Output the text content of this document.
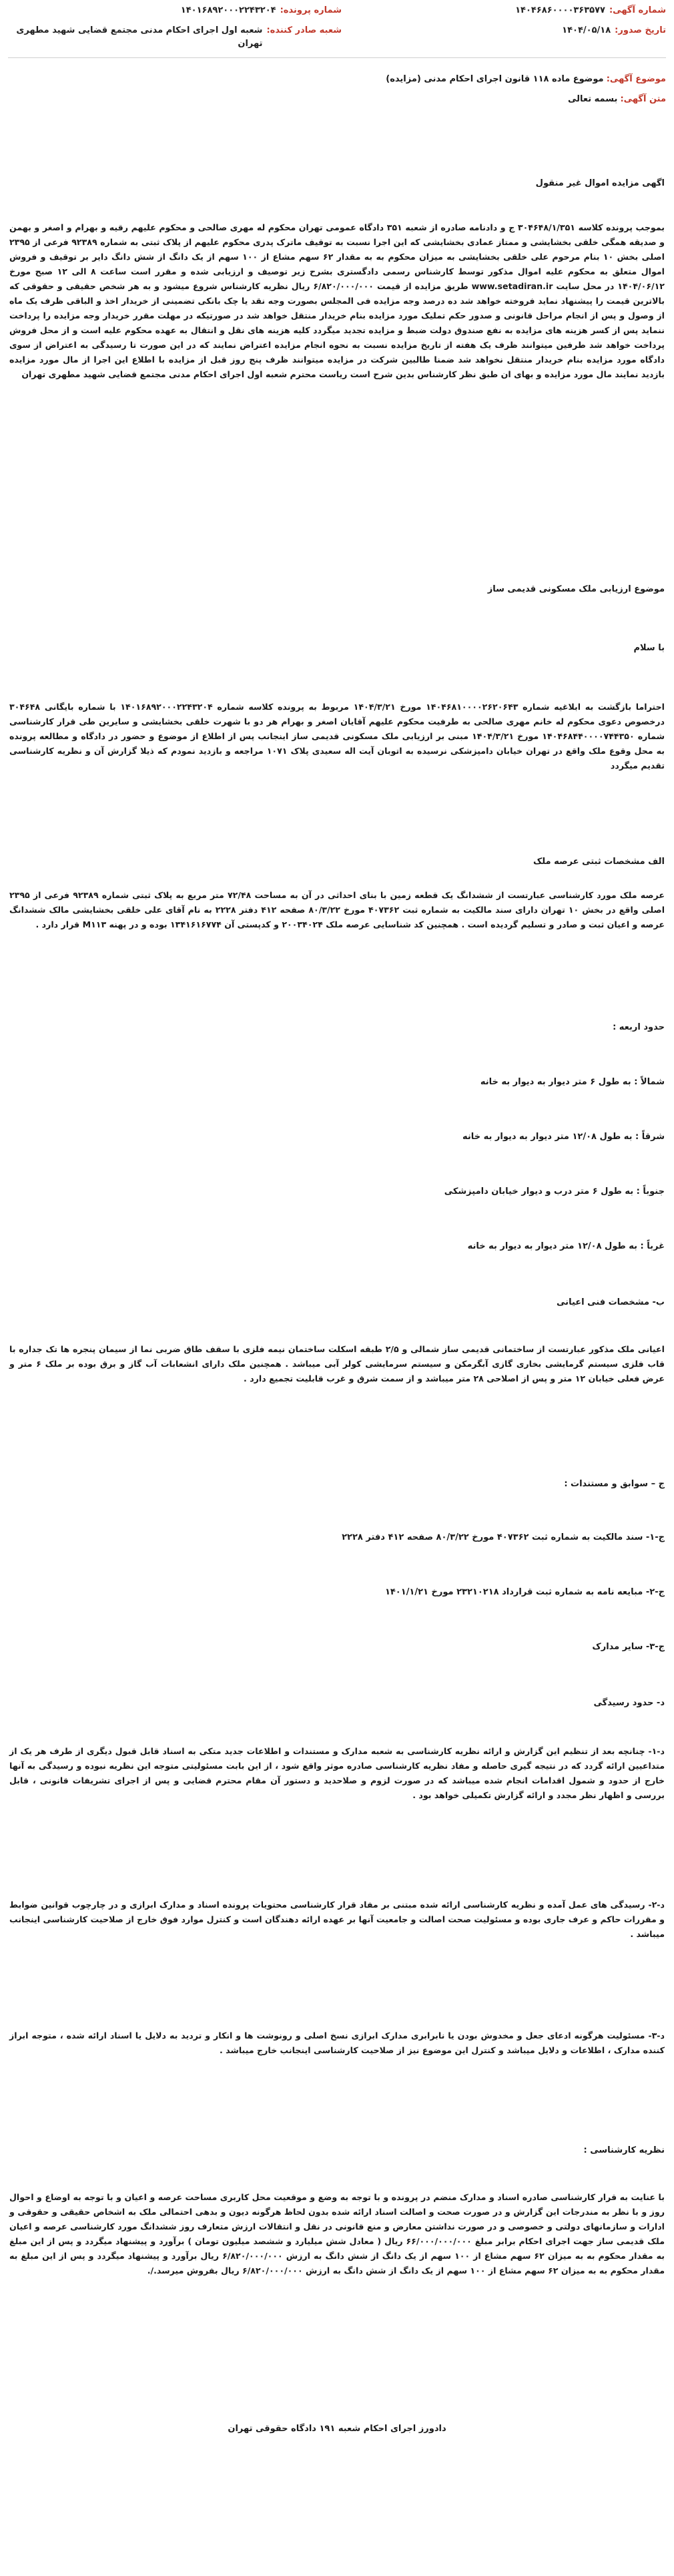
شماره آگهی:
۱۴۰۴۶۸۶۰۰۰۰۳۶۳۵۷۷
شماره پرونده:
۱۴۰۱۶۸۹۲۰۰۰۲۲۴۳۲۰۴
تاریخ صدور:
۱۴۰۴/۰۵/۱۸
شعبه صادر کننده:
شعبه اول اجرای احکام مدنی مجتمع قضایی شهید مطهری تهران
موضوع آگهی: موضوع ماده ۱۱۸ قانون اجرای احکام مدنی (مزایده)
متن آگهی: بسمه تعالی
اگهی مزایده اموال غیر منقول
بموجب پرونده کلاسه ۳۰۴۶۴۸/۱/۳۵۱ ج و دادنامه صادره از شعبه ۳۵۱ دادگاه عمومی تهران محکوم له مهری صالحی و محکوم علیهم رقیه و بهرام و اصغر و بهمن و صدیقه همگی خلقی بخشایشی و ممتاز عمادی بخشایشی که این اجرا نسبت به توقیف ماترک پدری محکوم علیهم از پلاک ثبتی به شماره ۹۲۳۸۹ فرعی از ۲۳۹۵ اصلی بخش ۱۰ بنام مرحوم علی خلقی بخشایشی به میزان محکوم به به مقدار ۶۲ سهم مشاع از ۱۰۰ سهم از یک دانگ از شش دانگ دایر بر توقیف و فروش اموال متعلق به محکوم علیه اموال مذکور توسط کارشناس رسمی دادگستری بشرح زیر توصیف و ارزیابی شده و مقرر است ساعت ۸ الی ۱۲ صبح مورخ ۱۴۰۴/۰۶/۱۲ در محل سایت www.setadiran.ir طریق مزایده از قیمت ۶/۸۲۰/۰۰۰/۰۰۰ ریال نظریه کارشناس شروع میشود و به هر شخص حقیقی و حقوقی که بالاترین قیمت را پیشنهاد نماید فروخته خواهد شد ده درصد وجه مزایده فی المجلس بصورت وجه نقد یا چک بانکی تضمینی از خریدار اخذ و الباقی ظرف یک ماه از وصول و پس از انجام مراحل قانونی و صدور حکم تملیک مورد مزایده بنام خریدار منتقل خواهد شد در صورتیکه در مهلت مقرر خریدار وجه مزایده را پرداخت ننماید پس از کسر هزینه های مزایده به نفع صندوق دولت ضبط و مزایده تجدید میگردد کلیه هزینه های نقل و انتقال به عهده محکوم علیه است و از محل فروش پرداخت خواهد شد طرفین میتوانند ظرف یک هفته از تاریخ مزایده نسبت به نحوه انجام مزایده اعتراض نمایند که در این صورت تا رسیدگی به اعتراض از سوی دادگاه مورد مزایده بنام خریدار منتقل نخواهد شد ضمنا طالبین شرکت در مزایده میتوانند ظرف پنج روز قبل از مزایده با اطلاع این اجرا از مال مورد مزایده بازدید نمایند مال مورد مزایده و بهای ان طبق نظر کارشناس بدین شرح است ریاست محترم شعبه اول اجرای احکام مدنی مجتمع قضایی شهید مطهری تهران
موضوع ارزیابی ملک مسکونی قدیمی ساز
با سلام
احتراما بازگشت به ابلاغیه شماره ۱۴۰۴۶۸۱۰۰۰۰۲۶۲۰۶۴۳ مورخ ۱۴۰۴/۳/۲۱ مربوط به پرونده کلاسه شماره ۱۴۰۱۶۸۹۲۰۰۰۲۲۴۳۲۰۴ با شماره بایگانی ۳۰۴۶۴۸ درخصوص دعوی محکوم له خانم مهری صالحی به طرفیت محکوم علیهم آقایان اصغر و بهرام هر دو با شهرت خلقی بخشایشی و سایرین طی قرار کارشناسی شماره ۱۴۰۴۶۸۴۴۰۰۰۰۷۴۴۳۵۰ مورخ ۱۴۰۴/۳/۲۱ مبنی بر ارزیابی ملک مسکونی قدیمی ساز اینجانب پس از اطلاع از موضوع و حضور در دادگاه و مطالعه پرونده به محل وقوع ملک واقع در تهران خیابان دامپزشکی نرسیده به اتوبان آیت اله سعیدی پلاک ۱۰۷۱ مراجعه و بازدید نمودم که ذیلا گزارش آن و نظریه کارشناسی تقدیم میگردد
الف مشخصات ثبتی عرصه ملک
عرصه ملک مورد کارشناسی عبارتست از ششدانگ یک قطعه زمین با بنای احداثی در آن به مساحت ۷۲/۴۸ متر مربع به پلاک ثبتی شماره ۹۲۳۸۹ فرعی از ۲۳۹۵ اصلی واقع در بخش ۱۰ تهران دارای سند مالکیت به شماره ثبت ۴۰۷۳۶۲ مورخ ۸۰/۳/۲۲ صفحه ۴۱۲ دفتر ۲۲۲۸ به نام آقای علی خلقی بخشایشی مالک ششدانگ عرصه و اعیان ثبت و صادر و تسلیم گردیده است . همچنین کد شناسایی عرصه ملک ۲۰۰۳۴۰۲۴ و کدپستی آن ۱۳۴۱۶۱۶۷۷۴ بوده و در پهنه M۱۱۳ قرار دارد .
حدود اربعه :
شمالاً : به طول ۶ متر دیوار به دیوار به خانه
شرقاً : به طول ۱۲/۰۸ متر دیوار به دیوار به خانه
جنوباً : به طول ۶ متر درب و دیوار خیابان دامپزشکی
غرباً : به طول ۱۲/۰۸ متر دیوار به دیوار به خانه
ب- مشخصات فنی اعیانی
اعیانی ملک مذکور عبارتست از ساختمانی قدیمی ساز شمالی و ۲/۵ طبقه اسکلت ساختمان نیمه فلزی با سقف طاق ضربی نما از سیمان پنجره ها تک جداره با قاب فلزی سیستم گرمایشی بخاری گازی آبگرمکن و سیستم سرمایشی کولر آبی میباشد . همچنین ملک دارای انشعابات آب گاز و برق بوده بر ملک ۶ متر و عرض فعلی خیابان ۱۲ متر و پس از اصلاحی ۲۸ متر میباشد و از سمت شرق و غرب قابلیت تجمیع دارد .
ج – سوابق و مستندات :
ج-۱- سند مالکیت به شماره ثبت ۴۰۷۳۶۲ مورخ ۸۰/۳/۲۲ صفحه ۴۱۲ دفتر ۲۲۲۸
ج-۲- مبایعه نامه به شماره ثبت قرارداد ۲۳۲۱۰۲۱۸ مورخ ۱۴۰۱/۱/۲۱
ج-۳- سایر مدارک
د- حدود رسیدگی
د-۱- چنانچه بعد از تنظیم این گزارش و ارائه نظریه کارشناسی به شعبه مدارک و مستندات و اطلاعات جدید متکی به اسناد قابل قبول دیگری از طرف هر یک از متداعیین ارائه گردد که در نتیجه گیری حاصله و مفاد نظریه کارشناسی صادره موثر واقع شود ، از این بابت مسئولیتی متوجه این نظریه نبوده و رسیدگی به آنها خارج از حدود و شمول اقدامات انجام شده میباشد که در صورت لزوم و صلاحدید و دستور آن مقام محترم قضایی و پس از اجرای تشریفات قانونی ، قابل بررسی و اظهار نظر مجدد و ارائه گزارش تکمیلی خواهد بود .
د-۲- رسیدگی های عمل آمده و نظریه کارشناسی ارائه شده مبتنی بر مفاد قرار کارشناسی محتویات پرونده اسناد و مدارک ابرازی و در چارچوب قوانین ضوابط و مقررات حاکم و عرف جاری بوده و مسئولیت صحت اصالت و جامعیت آنها بر عهده ارائه دهندگان است و کنترل موارد فوق خارج از صلاحیت کارشناسی اینجانب میباشد .
د-۳- مسئولیت هرگونه ادعای جعل و مخدوش بودن یا نابرابری مدارک ابرازی نسخ اصلی و رونوشت ها و انکار و تردید به دلایل یا اسناد ارائه شده ، متوجه ابراز کننده مدارک ، اطلاعات و دلایل میباشد و کنترل این موضوع نیز از صلاحیت کارشناسی اینجانب خارج میباشد .
نظریه کارشناسی :
با عنایت به قرار کارشناسی صادره اسناد و مدارک منضم در پرونده و با توجه به وضع و موقعیت محل کاربری مساحت عرصه و اعیان و با توجه به اوضاع و احوال روز و با نظر به مندرجات این گزارش و در صورت صحت و اصالت اسناد ارائه شده بدون لحاظ هرگونه دیون و بدهی احتمالی ملک به اشخاص حقیقی و حقوقی و ادارات و سازمانهای دولتی و خصوصی و در صورت نداشتن معارض و منع قانونی در نقل و انتقالات ارزش متعارف روز ششدانگ مورد کارشناسی عرصه و اعیان ملک قدیمی ساز جهت اجرای احکام برابر مبلغ ۶۶/۰۰۰/۰۰۰/۰۰۰ ریال ( معادل شش میلیارد و ششصد میلیون تومان ) برآورد و پیشنهاد میگردد و پس از این مبلغ به مقدار محکوم به به میزان ۶۲ سهم مشاع از ۱۰۰ سهم از یک دانگ از شش دانگ به ارزش ۶/۸۲۰/۰۰۰/۰۰۰ ریال برآورد و پیشنهاد میگردد و پس از این مبلغ به مقدار محکوم به به میزان ۶۲ سهم مشاع از ۱۰۰ سهم از یک دانگ از شش دانگ به ارزش ۶/۸۲۰/۰۰۰/۰۰۰ ریال بفروش میرسد./.
دادورز اجرای احکام شعبه ۱۹۱ دادگاه حقوقی تهران
